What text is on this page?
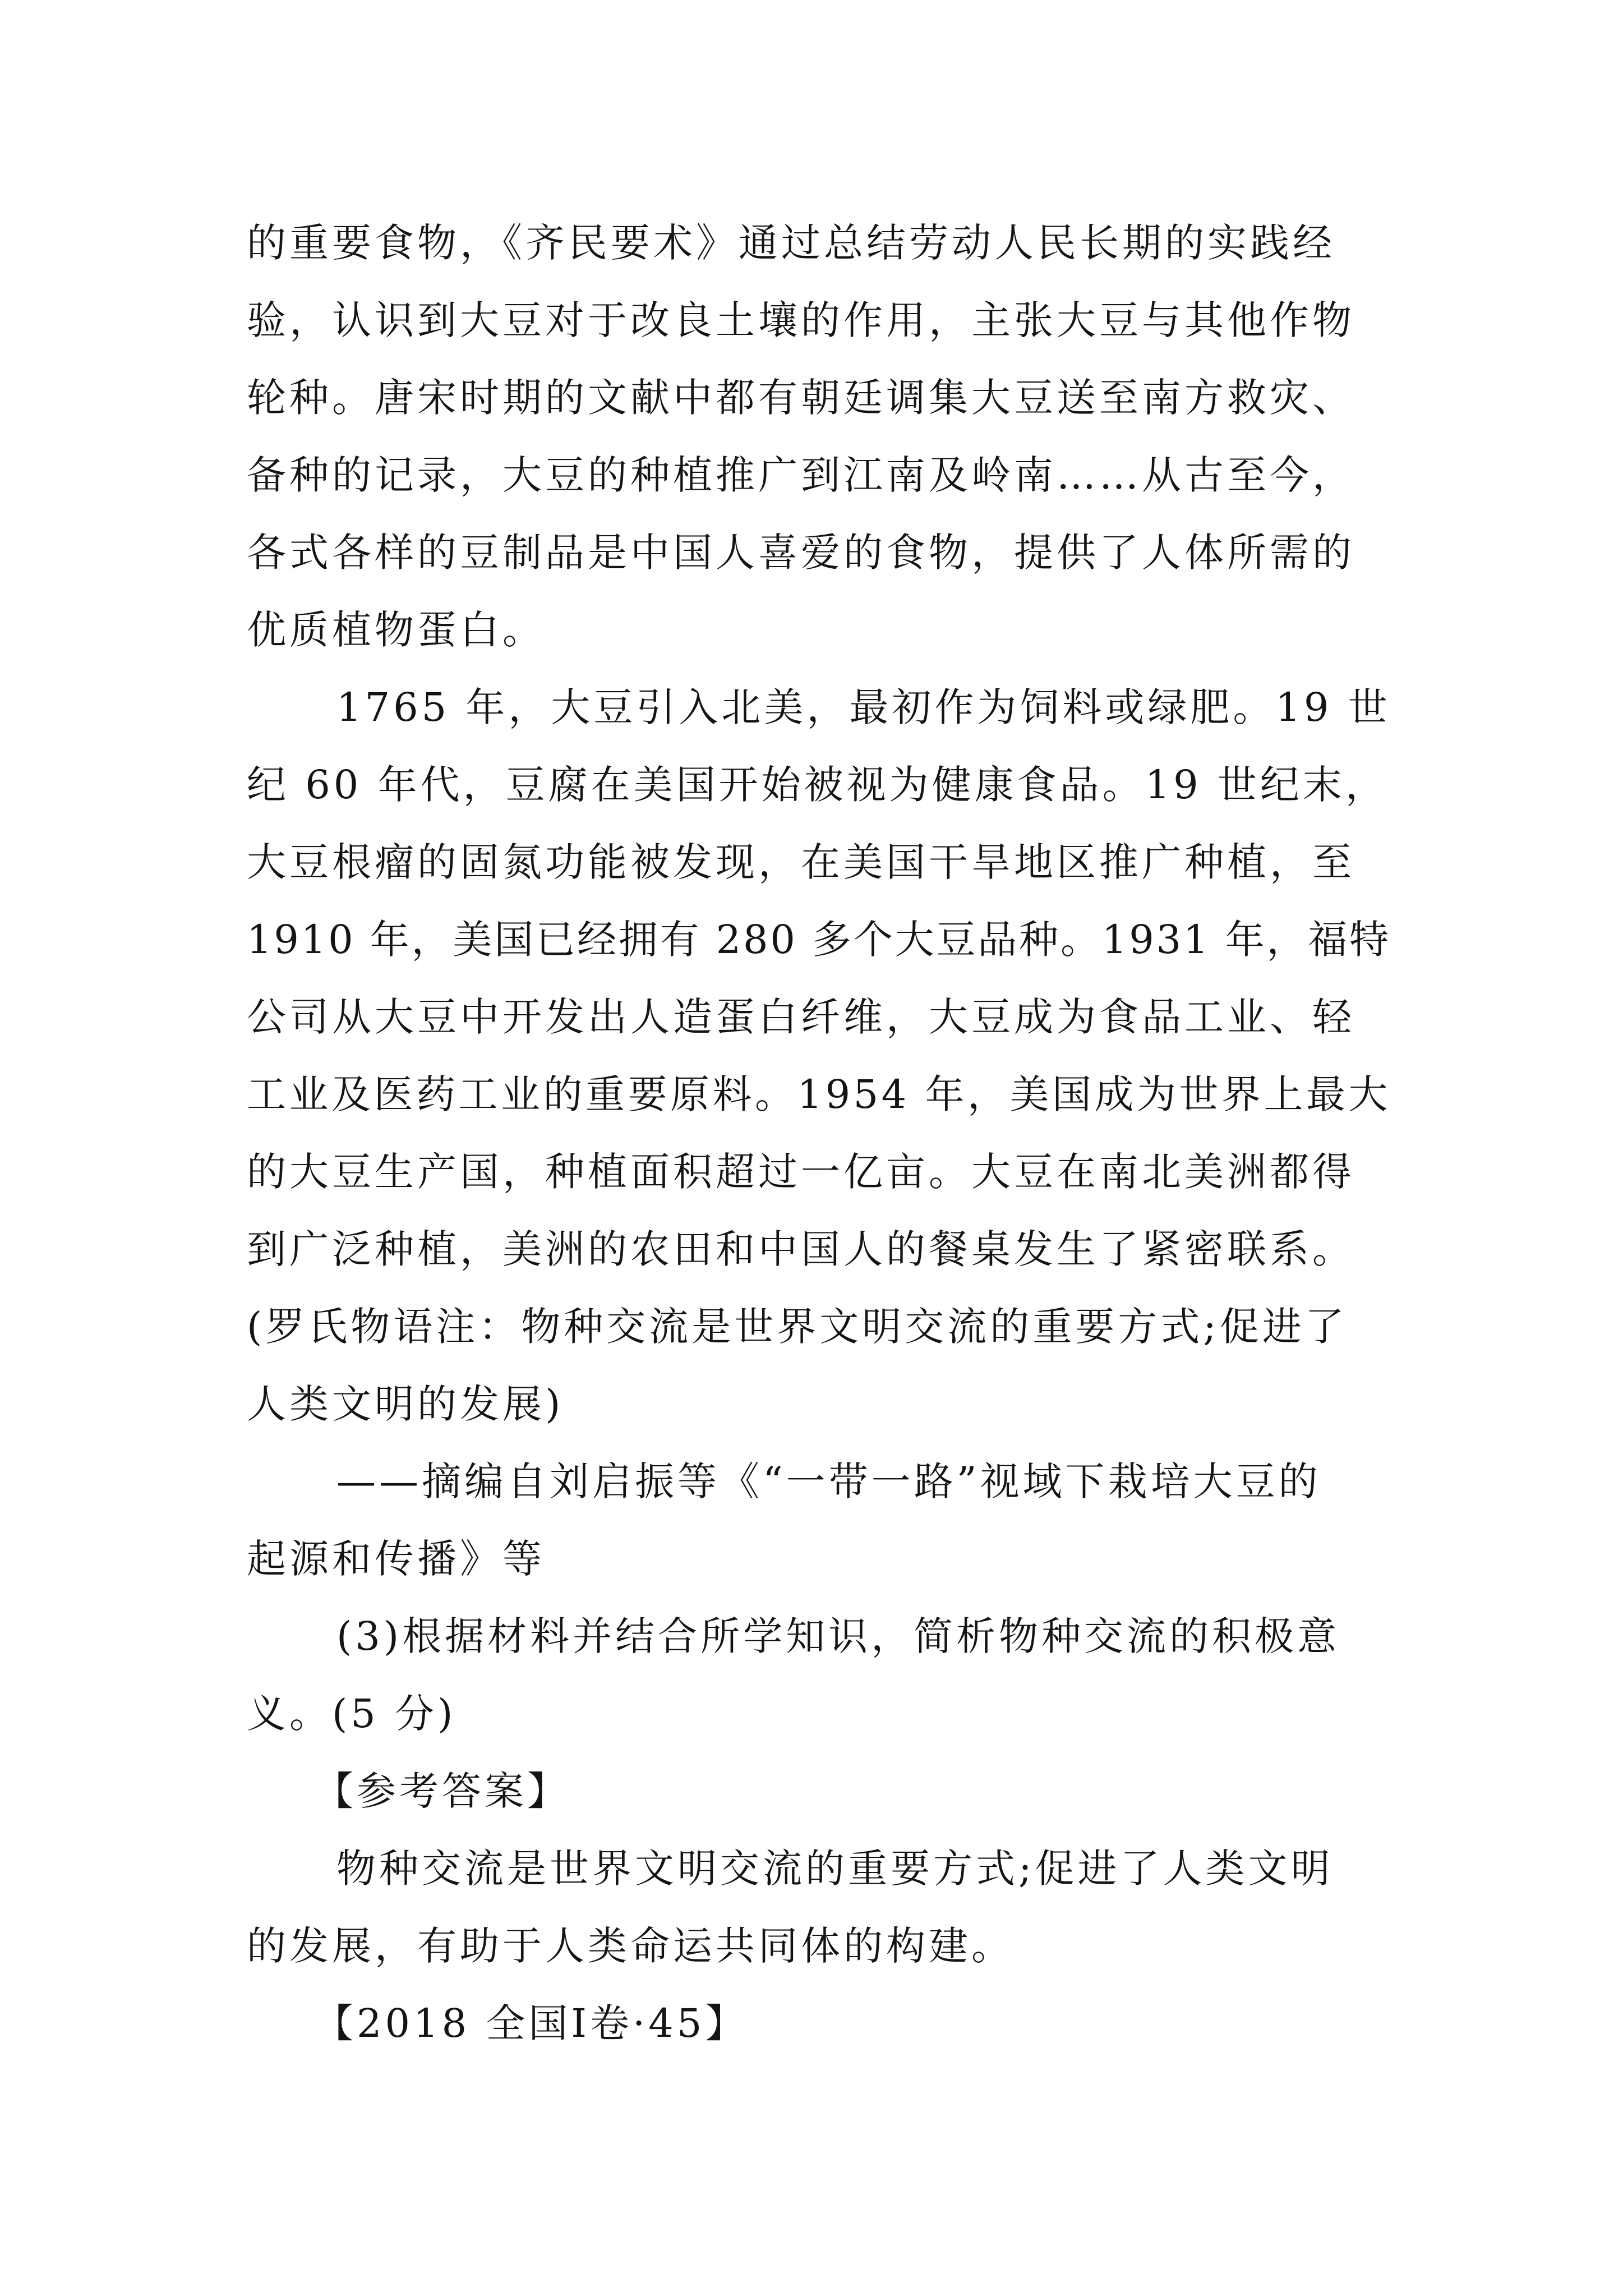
的重要食物，《齐民要术》通过总结劳动人民长期的实践经
验，认识到大豆对于改良土壤的作用，主张大豆与其他作物
轮种。唐宋时期的文献中都有朝廷调集大豆送至南方救灾、
备种的记录，大豆的种植推广到江南及岭南……从古至今，
各式各样的豆制品是中国人喜爱的食物，提供了人体所需的
优质植物蛋白。
1765 年，大豆引入北美，最初作为饲料或绿肥。19 世
纪 60 年代，豆腐在美国开始被视为健康食品。19 世纪末，
大豆根瘤的固氮功能被发现，在美国干旱地区推广种植，至
1910 年，美国已经拥有 280 多个大豆品种。1931 年，福特
公司从大豆中开发出人造蛋白纤维，大豆成为食品工业、轻
工业及医药工业的重要原料。1954 年，美国成为世界上最大
的大豆生产国，种植面积超过一亿亩。大豆在南北美洲都得
到广泛种植，美洲的农田和中国人的餐桌发生了紧密联系。
(罗氏物语注：物种交流是世界文明交流的重要方式;促进了
人类文明的发展)
——摘编自刘启振等《“一带一路”视域下栽培大豆的
起源和传播》等
(3)根据材料并结合所学知识，简析物种交流的积极意
义。(5 分)
【参考答案】
物种交流是世界文明交流的重要方式;促进了人类文明
的发展，有助于人类命运共同体的构建。
【2018 全国Ⅰ卷·45】
